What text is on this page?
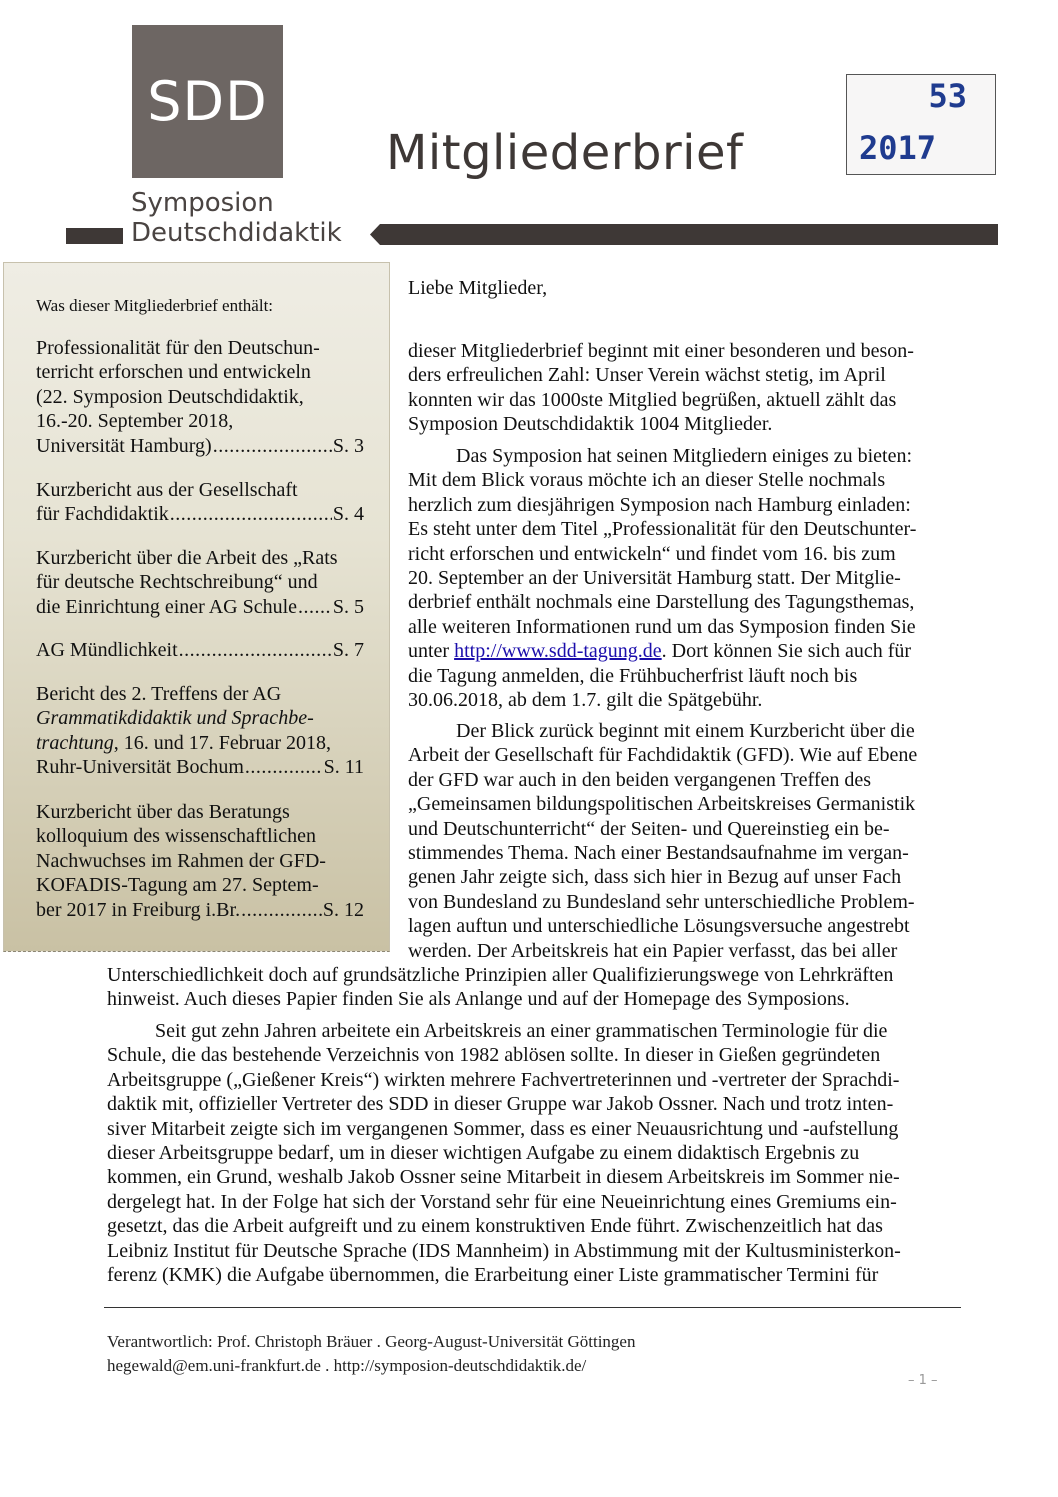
SDD
Symposion
Deutschdidaktik
Mitgliederbrief
53
2017
Was dieser Mitgliederbrief enthält:
Professionalität für den Deutschun-
terricht erforschen und entwickeln
(22. Symposion Deutschdidaktik,
16.-20. September 2018,
Universität Hamburg) .....	S. 3
Kurzbericht aus der Gesellschaft
für Fachdidaktik .....	S. 4
Kurzbericht über die Arbeit des „Rats
für deutsche Rechtschreibung“ und
die Einrichtung einer AG Schule ..... S. 5
AG Mündlichkeit .....	S. 7
Bericht des 2. Treffens der AG
Grammatikdidaktik und Sprachbe-
trachtung, 16. und 17. Februar 2018,
Ruhr-Universität Bochum .....	S. 11
Kurzbericht über das Beratungs
kolloquium des wissenschaftlichen
Nachwuchses im Rahmen der GFD-
KOFADIS-Tagung am 27. Septem-
ber 2017 in Freiburg i.Br. .....	S. 12
Liebe Mitglieder,
dieser Mitgliederbrief beginnt mit einer besonderen und beson-
ders erfreulichen Zahl: Unser Verein wächst stetig, im April
konnten wir das 1000ste Mitglied begrüßen, aktuell zählt das
Symposion Deutschdidaktik 1004 Mitglieder.
Das Symposion hat seinen Mitgliedern einiges zu bieten:
Mit dem Blick voraus möchte ich an dieser Stelle nochmals
herzlich zum diesjährigen Symposion nach Hamburg einladen:
Es steht unter dem Titel „Professionalität für den Deutschunter-
richt erforschen und entwickeln“ und findet vom 16. bis zum
20. September an der Universität Hamburg statt. Der Mitglie-
derbrief enthält nochmals eine Darstellung des Tagungsthemas,
alle weiteren Informationen rund um das Symposion finden Sie
unter http://www.sdd-tagung.de. Dort können Sie sich auch für
die Tagung anmelden, die Frühbucherfrist läuft noch bis
30.06.2018, ab dem 1.7. gilt die Spätgebühr.
Der Blick zurück beginnt mit einem Kurzbericht über die
Arbeit der Gesellschaft für Fachdidaktik (GFD). Wie auf Ebene
der GFD war auch in den beiden vergangenen Treffen des
„Gemeinsamen bildungspolitischen Arbeitskreises Germanistik
und Deutschunterricht“ der Seiten- und Quereinstieg ein be-
stimmendes Thema. Nach einer Bestandsaufnahme im vergan-
genen Jahr zeigte sich, dass sich hier in Bezug auf unser Fach
von Bundesland zu Bundesland sehr unterschiedliche Problem-
lagen auftun und unterschiedliche Lösungsversuche angestrebt
werden. Der Arbeitskreis hat ein Papier verfasst, das bei aller
Unterschiedlichkeit doch auf grundsätzliche Prinzipien aller Qualifizierungswege von Lehrkräften
hinweist. Auch dieses Papier finden Sie als Anlange und auf der Homepage des Symposions.
Seit gut zehn Jahren arbeitete ein Arbeitskreis an einer grammatischen Terminologie für die
Schule, die das bestehende Verzeichnis von 1982 ablösen sollte. In dieser in Gießen gegründeten
Arbeitsgruppe („Gießener Kreis“) wirkten mehrere Fachvertreterinnen und -vertreter der Sprachdi-
daktik mit, offizieller Vertreter des SDD in dieser Gruppe war Jakob Ossner. Nach und trotz inten-
siver Mitarbeit zeigte sich im vergangenen Sommer, dass es einer Neuausrichtung und -aufstellung
dieser Arbeitsgruppe bedarf, um in dieser wichtigen Aufgabe zu einem didaktisch Ergebnis zu
kommen, ein Grund, weshalb Jakob Ossner seine Mitarbeit in diesem Arbeitskreis im Sommer nie-
dergelegt hat. In der Folge hat sich der Vorstand sehr für eine Neueinrichtung eines Gremiums ein-
gesetzt, das die Arbeit aufgreift und zu einem konstruktiven Ende führt. Zwischenzeitlich hat das
Leibniz Institut für Deutsche Sprache (IDS Mannheim) in Abstimmung mit der Kultusministerkon-
ferenz (KMK) die Aufgabe übernommen, die Erarbeitung einer Liste grammatischer Termini für
Verantwortlich: Prof. Christoph Bräuer . Georg-August-Universität Göttingen
hegewald@em.uni-frankfurt.de . http://symposion-deutschdidaktik.de/
– 1 –
